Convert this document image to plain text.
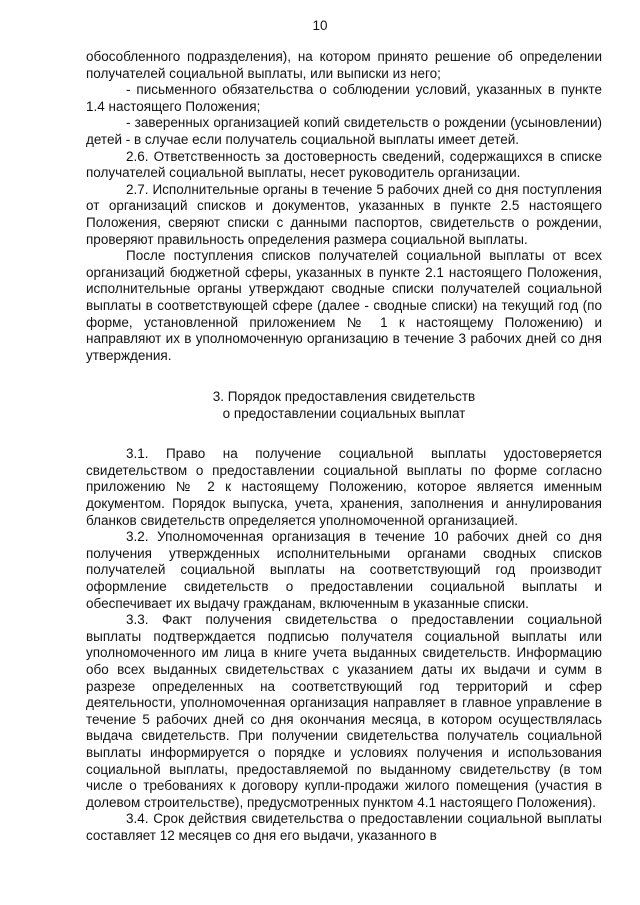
10

обособленного подразделения), на котором принято решение об определении получателей социальной выплаты, или выписки из него;

- письменного обязательства о соблюдении условий, указанных в пункте 1.4 настоящего Положения;

- заверенных организацией копий свидетельств о рождении (усыновлении) детей - в случае если получатель социальной выплаты имеет детей.

2.6. Ответственность за достоверность сведений, содержащихся в списке получателей социальной выплаты, несет руководитель организации.

2.7. Исполнительные органы в течение 5 рабочих дней со дня поступления от организаций списков и документов, указанных в пункте 2.5 настоящего Положения, сверяют списки с данными паспортов, свидетельств о рождении, проверяют правильность определения размера социальной выплаты.

После поступления списков получателей социальной выплаты от всех организаций бюджетной сферы, указанных в пункте 2.1 настоящего Положения, исполнительные органы утверждают сводные списки получателей социальной выплаты в соответствующей сфере (далее - сводные списки) на текущий год (по форме, установленной приложением № 1 к настоящему Положению) и направляют их в уполномоченную организацию в течение 3 рабочих дней со дня утверждения.

3. Порядок предоставления свидетельств

о предоставлении социальных выплат

3.1. Право на получение социальной выплаты удостоверяется свидетельством о предоставлении социальной выплаты по форме согласно приложению № 2 к настоящему Положению, которое является именным документом. Порядок выпуска, учета, хранения, заполнения и аннулирования бланков свидетельств определяется уполномоченной организацией.

3.2. Уполномоченная организация в течение 10 рабочих дней со дня получения утвержденных исполнительными органами сводных списков получателей социальной выплаты на соответствующий год производит оформление свидетельств о предоставлении социальной выплаты и обеспечивает их выдачу гражданам, включенным в указанные списки.

3.3. Факт получения свидетельства о предоставлении социальной выплаты подтверждается подписью получателя социальной выплаты или уполномоченного им лица в книге учета выданных свидетельств. Информацию обо всех выданных свидетельствах с указанием даты их выдачи и сумм в разрезе определенных на соответствующий год территорий и сфер деятельности, уполномоченная организация направляет в главное управление в течение 5 рабочих дней со дня окончания месяца, в котором осуществлялась выдача свидетельств. При получении свидетельства получатель социальной выплаты информируется о порядке и условиях получения и использования социальной выплаты, предоставляемой по выданному свидетельству (в том числе о требованиях к договору купли-продажи жилого помещения (участия в долевом строительстве), предусмотренных пунктом 4.1 настоящего Положения).

3.4. Срок действия свидетельства о предоставлении социальной выплаты составляет 12 месяцев со дня его выдачи, указанного в
